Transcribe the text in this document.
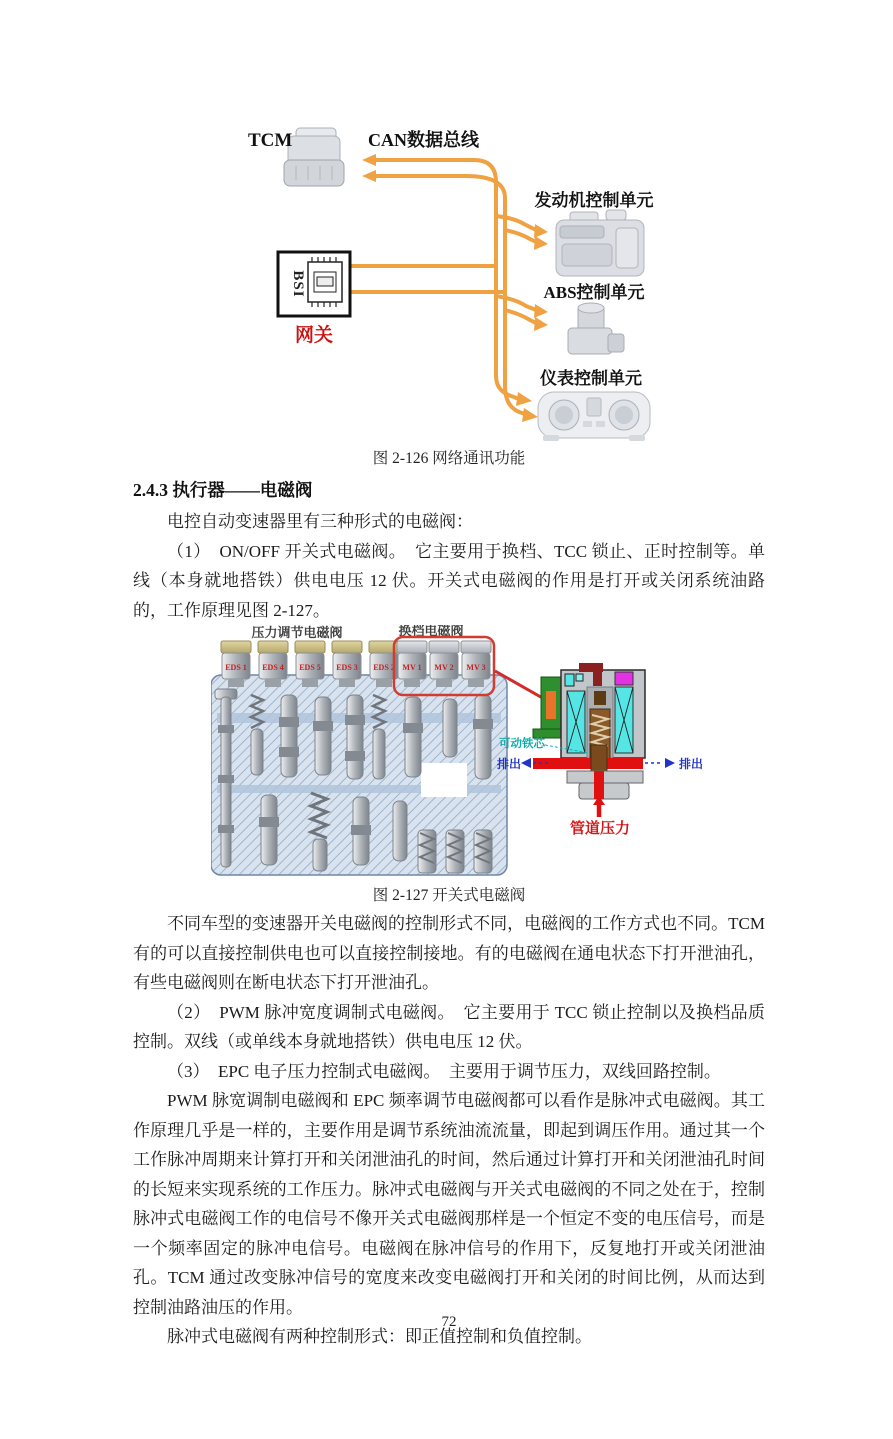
TCM	CAN数据总线
BSI
网关
发动机控制单元
ABS控制单元
仪表控制单元
图 2-126 网络通讯功能
2.4.3 执行器——电磁阀

电控自动变速器里有三种形式的电磁阀：

（1）　ON/OFF 开关式电磁阀。　它主要用于换档、TCC 锁止、正时控制等。单线（本身就地搭铁）供电电压 12 伏。开关式电磁阀的作用是打开或关闭系统油路的，工作原理见图 2-127。

压力调节电磁阀	换档电磁阀
EDS 1 EDS 4 EDS 5 EDS 3 EDS 2 MV 1 MV 2 MV 3
可动铁芯
排出	排出
管道压力
图 2-127 开关式电磁阀

不同车型的变速器开关电磁阀的控制形式不同，电磁阀的工作方式也不同。TCM 有的可以直接控制供电也可以直接控制接地。有的电磁阀在通电状态下打开泄油孔，有些电磁阀则在断电状态下打开泄油孔。

（2）　PWM 脉冲宽度调制式电磁阀。　它主要用于 TCC 锁止控制以及换档品质控制。双线（或单线本身就地搭铁）供电电压 12 伏。

（3）　EPC 电子压力控制式电磁阀。　主要用于调节压力，双线回路控制。

PWM 脉宽调制电磁阀和 EPC 频率调节电磁阀都可以看作是脉冲式电磁阀。其工作原理几乎是一样的，主要作用是调节系统油流流量，即起到调压作用。通过其一个工作脉冲周期来计算打开和关闭泄油孔的时间，然后通过计算打开和关闭泄油孔时间的长短来实现系统的工作压力。脉冲式电磁阀与开关式电磁阀的不同之处在于，控制脉冲式电磁阀工作的电信号不像开关式电磁阀那样是一个恒定不变的电压信号，而是一个频率固定的脉冲电信号。电磁阀在脉冲信号的作用下，反复地打开或关闭泄油孔。TCM 通过改变脉冲信号的宽度来改变电磁阀打开和关闭的时间比例，从而达到控制油路油压的作用。

脉冲式电磁阀有两种控制形式：即正值控制和负值控制。

72
